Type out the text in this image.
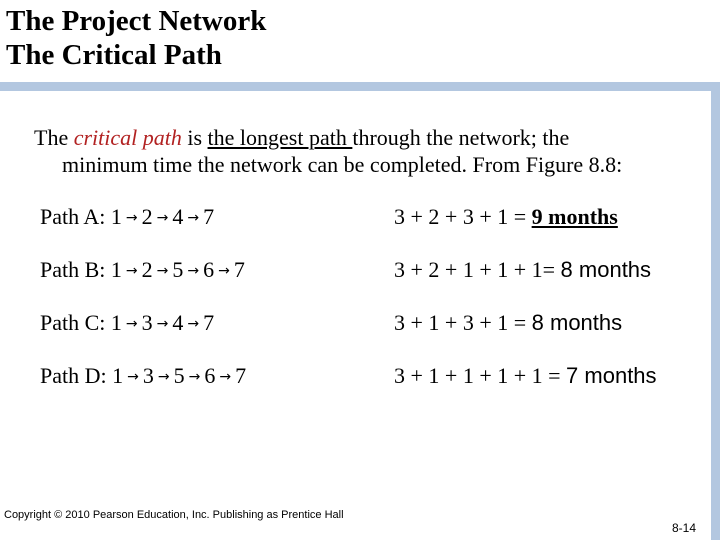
The Project Network
The Critical Path
The critical path is the longest path through the network; the
minimum time the network can be completed. From Figure 8.8:
Path A: 1 → 2 → 4 → 7	3 + 2 + 3 + 1 = 9 months
Path B: 1 → 2 → 5 → 6 → 7	3 + 2 + 1 + 1 + 1= 8 months
Path C: 1 → 3 → 4 → 7	3 + 1 + 3 + 1 = 8 months
Path D: 1 → 3 → 5 → 6 → 7	3 + 1 + 1 + 1 + 1 = 7 months
Copyright © 2010 Pearson Education, Inc. Publishing as Prentice Hall
8-14
